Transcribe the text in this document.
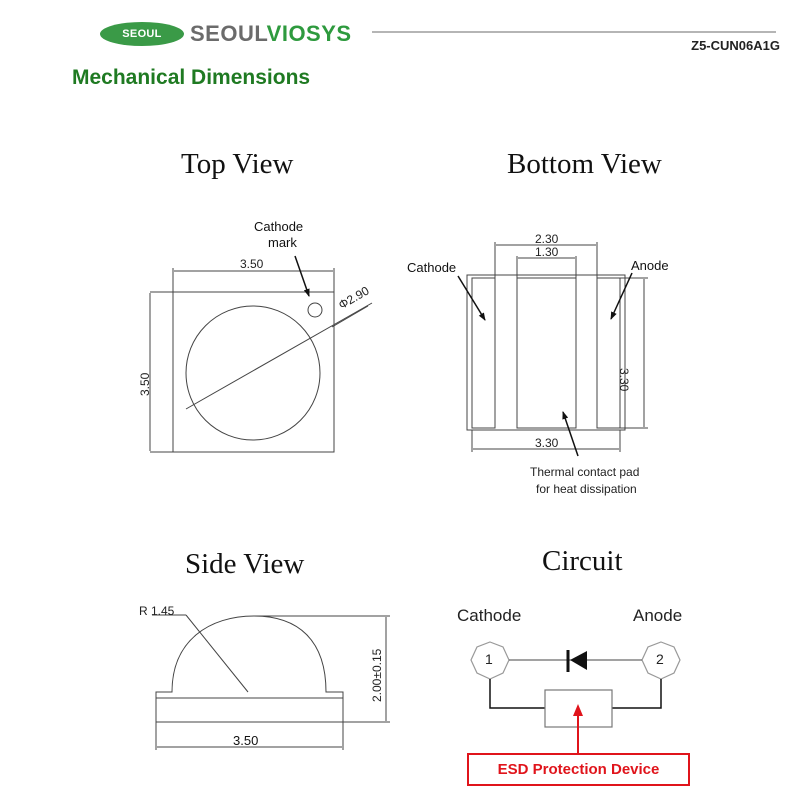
SEOUL	SEOULVIOSYS	Z5-CUN06A1G
Mechanical Dimensions
Top View	Bottom View
Side View	Circuit
Cathode
mark
3.50
3.50
Φ2.90
Cathode	Anode
2.30
1.30
3.30
3.30
Thermal contact pad
for heat dissipation
R 1.45
2.00±0.15
3.50
Cathode	Anode
1	2
ESD Protection Device
